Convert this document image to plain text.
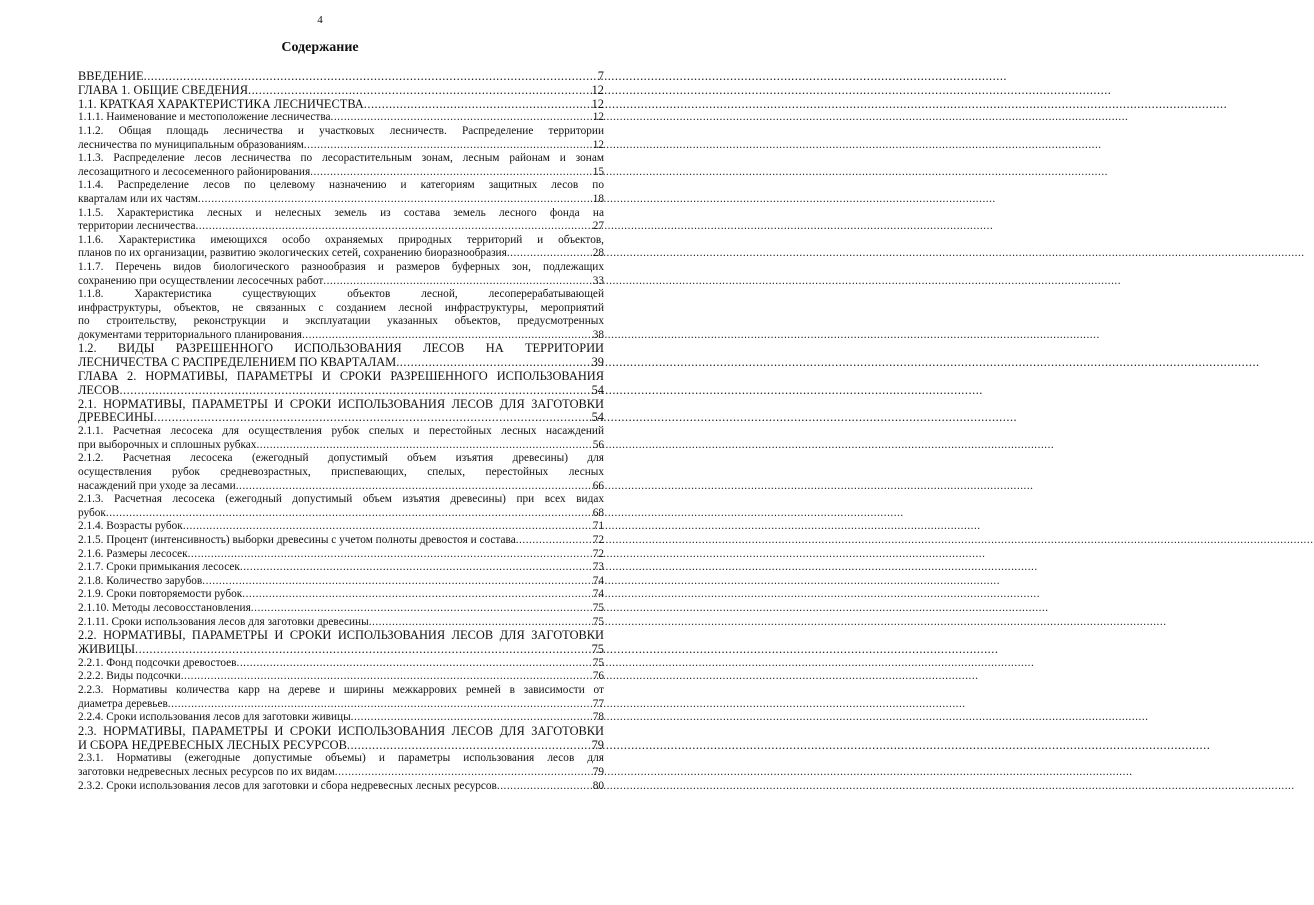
4
Содержание
ВВЕДЕНИЕ .....	7
ГЛАВА 1. ОБЩИЕ СВЕДЕНИЯ .....	12
1.1. КРАТКАЯ ХАРАКТЕРИСТИКА ЛЕСНИЧЕСТВА .....	12
1.1.1. Наименование и местоположение лесничества .....	12
1.1.2. Общая площадь лесничества и участковых лесничеств. Распределение территории
лесничества по муниципальным образованиям .....	12
1.1.3. Распределение лесов лесничества по лесорастительным зонам, лесным районам и зонам
лесозащитного и лесосеменного районирования .....	15
1.1.4. Распределение лесов по целевому назначению и категориям защитных лесов по
кварталам или их частям .....	18
1.1.5. Характеристика лесных и нелесных земель из состава земель лесного фонда на
территории лесничества .....	27
1.1.6. Характеристика имеющихся особо охраняемых природных территорий и объектов,
планов по их организации, развитию экологических сетей, сохранению биоразнообразия .....	28
1.1.7. Перечень видов биологического разнообразия и размеров буферных зон, подлежащих
сохранению при осуществлении лесосечных работ .....	33
1.1.8. Характеристика существующих объектов лесной, лесоперерабатывающей
инфраструктуры, объектов, не связанных с созданием лесной инфраструктуры, мероприятий
по строительству, реконструкции и эксплуатации указанных объектов, предусмотренных
документами территориального планирования .....	38
1.2. ВИДЫ РАЗРЕШЕННОГО ИСПОЛЬЗОВАНИЯ ЛЕСОВ НА ТЕРРИТОРИИ
ЛЕСНИЧЕСТВА С РАСПРЕДЕЛЕНИЕМ ПО КВАРТАЛАМ .....	39
ГЛАВА 2. НОРМАТИВЫ, ПАРАМЕТРЫ И СРОКИ РАЗРЕШЕННОГО ИСПОЛЬЗОВАНИЯ
ЛЕСОВ .....	54
2.1. НОРМАТИВЫ, ПАРАМЕТРЫ И СРОКИ ИСПОЛЬЗОВАНИЯ ЛЕСОВ ДЛЯ ЗАГОТОВКИ
ДРЕВЕСИНЫ .....	54
2.1.1. Расчетная лесосека для осуществления рубок спелых и перестойных лесных насаждений
при выборочных и сплошных рубках .....	56
2.1.2. Расчетная лесосека (ежегодный допустимый объем изъятия древесины) для
осуществления рубок средневозрастных, приспевающих, спелых, перестойных лесных
насаждений при уходе за лесами .....	66
2.1.3. Расчетная лесосека (ежегодный допустимый объем изъятия древесины) при всех видах
рубок .....	68
2.1.4. Возрасты рубок .....	71
2.1.5. Процент (интенсивность) выборки древесины с учетом полноты древостоя и состава .....	72
2.1.6. Размеры лесосек .....	72
2.1.7. Сроки примыкания лесосек .....	73
2.1.8. Количество зарубов .....	74
2.1.9. Сроки повторяемости рубок .....	74
2.1.10. Методы лесовосстановления .....	75
2.1.11. Сроки использования лесов для заготовки древесины .....	75
2.2. НОРМАТИВЫ, ПАРАМЕТРЫ И СРОКИ ИСПОЛЬЗОВАНИЯ ЛЕСОВ ДЛЯ ЗАГОТОВКИ
ЖИВИЦЫ .....	75
2.2.1. Фонд подсочки древостоев .....	75
2.2.2. Виды подсочки .....	76
2.2.3. Нормативы количества карр на дереве и ширины межкаррових ремней в зависимости от
диаметра деревьев .....	77
2.2.4. Сроки использования лесов для заготовки живицы .....	78
2.3. НОРМАТИВЫ, ПАРАМЕТРЫ И СРОКИ ИСПОЛЬЗОВАНИЯ ЛЕСОВ ДЛЯ ЗАГОТОВКИ
И СБОРА НЕДРЕВЕСНЫХ ЛЕСНЫХ РЕСУРСОВ .....	79
2.3.1. Нормативы (ежегодные допустимые объемы) и параметры использования лесов для
заготовки недревесных лесных ресурсов по их видам .....	79
2.3.2. Сроки использования лесов для заготовки и сбора недревесных лесных ресурсов .....	80
